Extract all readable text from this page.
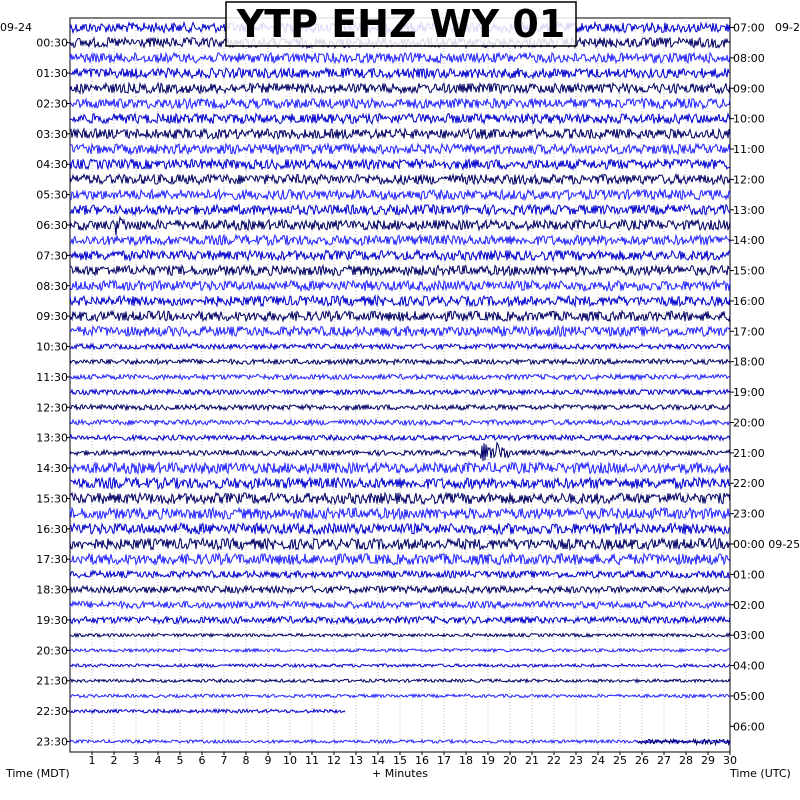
00:30
01:30
02:30
03:30
04:30
05:30
06:30
07:30
08:30
09:30
10:30
11:30
12:30
13:30
14:30
15:30
16:30
17:30
18:30
19:30
20:30
21:30
22:30
23:30
07:00
08:00
09:00
10:00
11:00
12:00
13:00
14:00
15:00
16:00
17:00
18:00
19:00
20:00
21:00
22:00
23:00
00:00 09-25
01:00
02:00
03:00
04:00
05:00
06:00
1 2 3 4 5 6 7 8 9 10 11 12 13 14 15 16 17 18 19 20 21 22 23 24 25 26 27 28 29 30
09-24	09-2
Time (MDT)	+ Minutes	Time (UTC)
YTP EHZ WY 01
